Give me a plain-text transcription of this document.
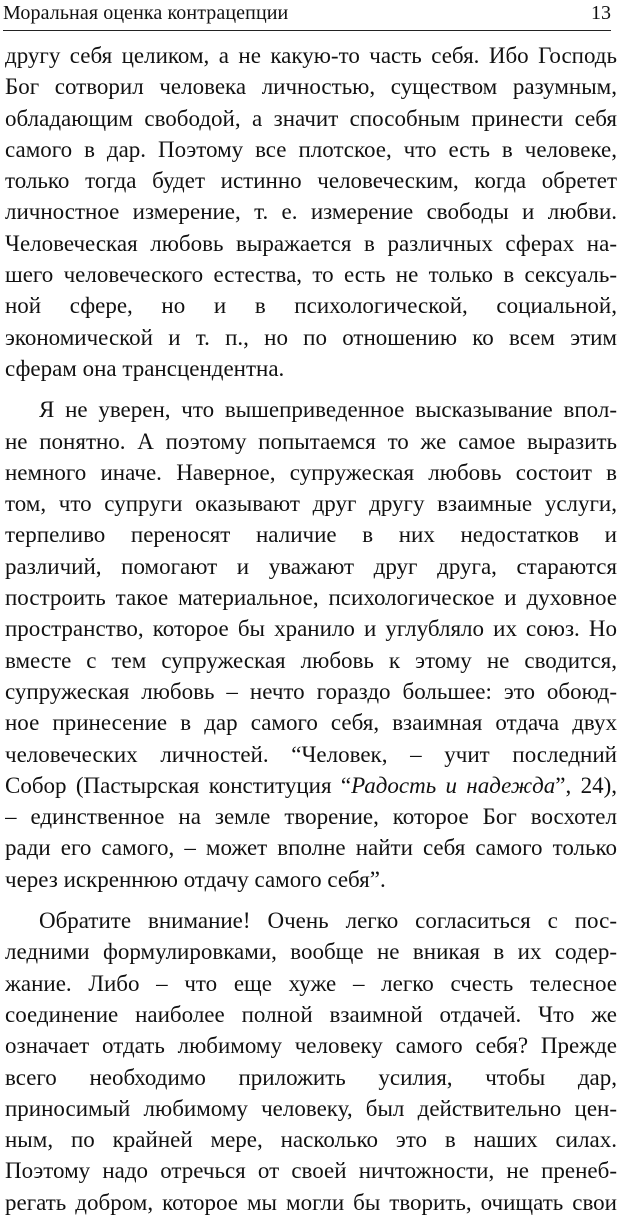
Моральная оценка контрацепции	13
другу себя целиком, а не какую-то часть себя. Ибо Господь
Бог сотворил человека личностью, существом разумным,
обладающим свободой, а значит способным принести себя
самого в дар. Поэтому все плотское, что есть в человеке,
только тогда будет истинно человеческим, когда обретет
личностное измерение, т. е. измерение свободы и любви.
Человеческая любовь выражается в различных сферах на-
шего человеческого естества, то есть не только в сексуаль-
ной сфере, но и в психологической, социальной,
экономической и т. п., но по отношению ко всем этим
сферам она трансцендентна.
Я не уверен, что вышеприведенное высказывание впол-
не понятно. А поэтому попытаемся то же самое выразить
немного иначе. Наверное, супружеская любовь состоит в
том, что супруги оказывают друг другу взаимные услуги,
терпеливо переносят наличие в них недостатков и
различий, помогают и уважают друг друга, стараются
построить такое материальное, психологическое и духовное
пространство, которое бы хранило и углубляло их союз. Но
вместе с тем супружеская любовь к этому не сводится,
супружеская любовь – нечто гораздо большее: это обоюд-
ное принесение в дар самого себя, взаимная отдача двух
человеческих личностей. “Человек, – учит последний
Собор (Пастырская конституция “Радость и надежда”, 24),
– единственное на земле творение, которое Бог восхотел
ради его самого, – может вполне найти себя самого только
через искреннюю отдачу самого себя”.
Обратите внимание! Очень легко согласиться с пос-
ледними формулировками, вообще не вникая в их содер-
жание. Либо – что еще хуже – легко счесть телесное
соединение наиболее полной взаимной отдачей. Что же
означает отдать любимому человеку самого себя? Прежде
всего необходимо приложить усилия, чтобы дар,
приносимый любимому человеку, был действительно цен-
ным, по крайней мере, насколько это в наших силах.
Поэтому надо отречься от своей ничтожности, не пренеб-
регать добром, которое мы могли бы творить, очищать свои
